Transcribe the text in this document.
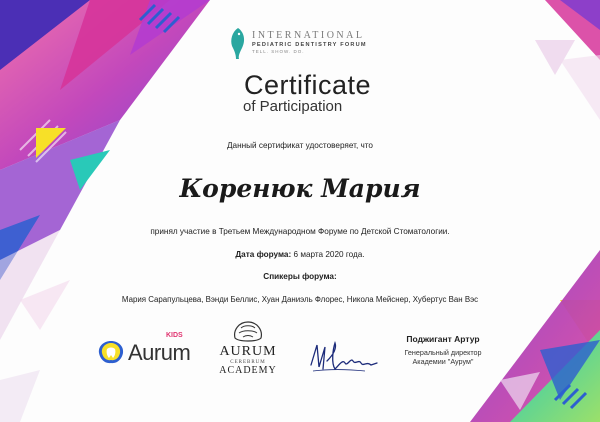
INTERNATIONAL
PEDIATRIC DENTISTRY FORUM
TELL. SHOW. DO.
Certificate
of Participation
Данный сертификат удостоверяет, что
Коренюк Мария
принял участие в Третьем Международном Форуме по Детской Стоматологии.
Дата форума: 6 марта 2020 года.
Спикеры форума:
Мария Сарапульцева, Вэнди Беллис, Хуан Даниэль Флорес, Никола Мейснер, Хубертус Ван Вэс
Aurum
KIDS
AURUM
CEREBRUM
ACADEMY
Поджигант Артур
Генеральный директор
Академии "Аурум"
